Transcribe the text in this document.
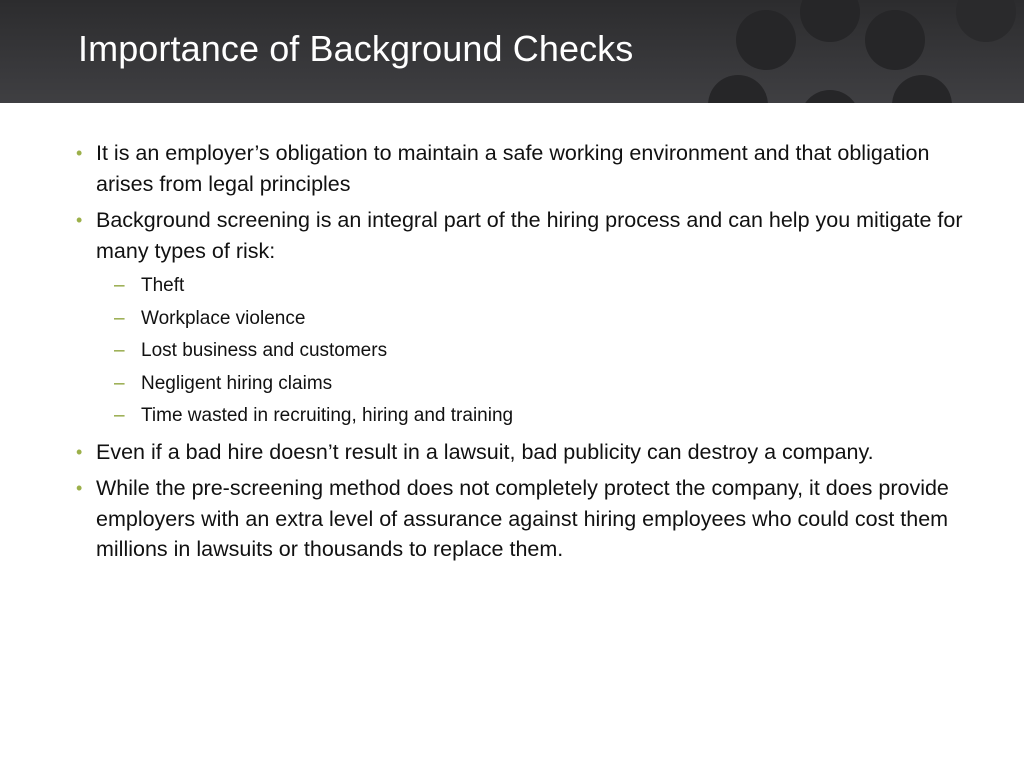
Importance of Background Checks
• It is an employer’s obligation to maintain a safe working environment and that obligation arises from legal principles
• Background screening is an integral part of the hiring process and can help you mitigate for many types of risk:
– Theft
– Workplace violence
– Lost business and customers
– Negligent hiring claims
– Time wasted in recruiting, hiring and training
• Even if a bad hire doesn’t result in a lawsuit, bad publicity can destroy a company.
• While the pre-screening method does not completely protect the company, it does provide employers with an extra level of assurance against hiring employees who could cost them millions in lawsuits or thousands to replace them.
